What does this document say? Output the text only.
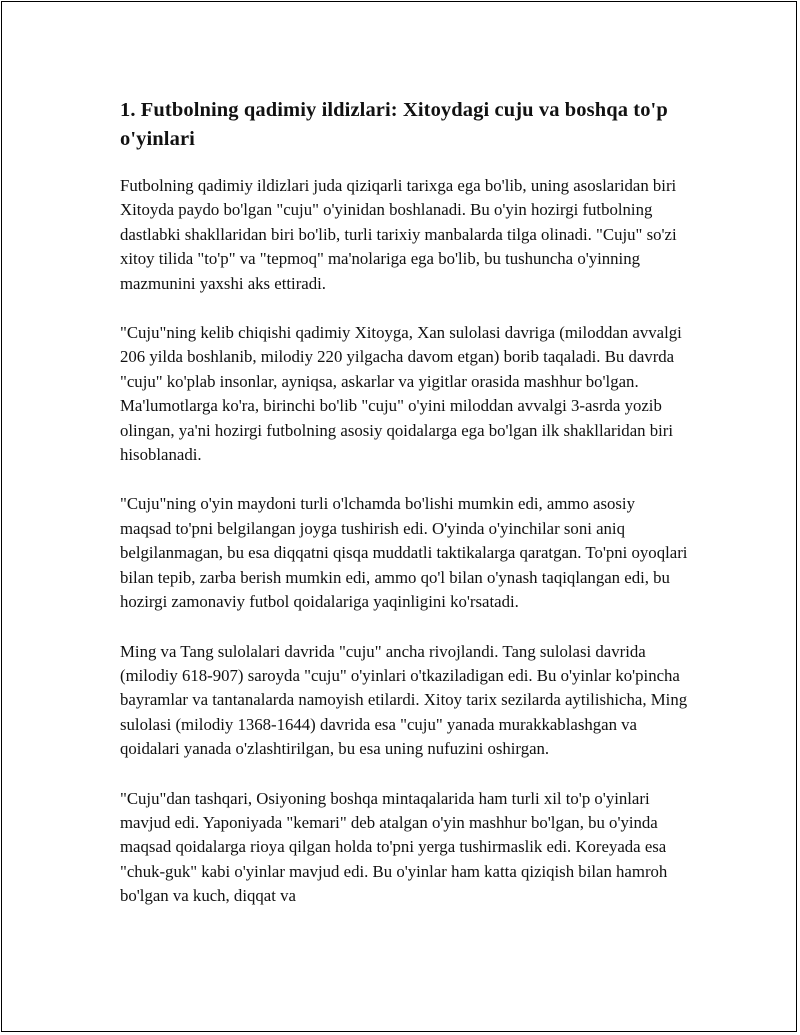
1. Futbolning qadimiy ildizlari: Xitoydagi cuju va boshqa to'p o'yinlari

Futbolning qadimiy ildizlari juda qiziqarli tarixga ega bo'lib, uning asoslaridan biri Xitoyda paydo bo'lgan "cuju" o'yinidan boshlanadi. Bu o'yin hozirgi futbolning dastlabki shakllaridan biri bo'lib, turli tarixiy manbalarda tilga olinadi. "Cuju" so'zi xitoy tilida "to'p" va "tepmoq" ma'nolariga ega bo'lib, bu tushuncha o'yinning mazmunini yaxshi aks ettiradi.

"Cuju"ning kelib chiqishi qadimiy Xitoyga, Xan sulolasi davriga (miloddan avvalgi 206 yilda boshlanib, milodiy 220 yilgacha davom etgan) borib taqaladi. Bu davrda "cuju" ko'plab insonlar, ayniqsa, askarlar va yigitlar orasida mashhur bo'lgan. Ma'lumotlarga ko'ra, birinchi bo'lib "cuju" o'yini miloddan avvalgi 3-asrda yozib olingan, ya'ni hozirgi futbolning asosiy qoidalarga ega bo'lgan ilk shakllaridan biri hisoblanadi.

"Cuju"ning o'yin maydoni turli o'lchamda bo'lishi mumkin edi, ammo asosiy maqsad to'pni belgilangan joyga tushirish edi. O'yinda o'yinchilar soni aniq belgilanmagan, bu esa diqqatni qisqa muddatli taktikalarga qaratgan. To'pni oyoqlari bilan tepib, zarba berish mumkin edi, ammo qo'l bilan o'ynash taqiqlangan edi, bu hozirgi zamonaviy futbol qoidalariga yaqinligini ko'rsatadi.

Ming va Tang sulolalari davrida "cuju" ancha rivojlandi. Tang sulolasi davrida (milodiy 618-907) saroyda "cuju" o'yinlari o'tkaziladigan edi. Bu o'yinlar ko'pincha bayramlar va tantanalarda namoyish etilardi. Xitoy tarix sezilarda aytilishicha, Ming sulolasi (milodiy 1368-1644) davrida esa "cuju" yanada murakkablashgan va qoidalari yanada o'zlashtirilgan, bu esa uning nufuzini oshirgan.

"Cuju"dan tashqari, Osiyoning boshqa mintaqalarida ham turli xil to'p o'yinlari mavjud edi. Yaponiyada "kemari" deb atalgan o'yin mashhur bo'lgan, bu o'yinda maqsad qoidalarga rioya qilgan holda to'pni yerga tushirmaslik edi. Koreyada esa "chuk-guk" kabi o'yinlar mavjud edi. Bu o'yinlar ham katta qiziqish bilan hamroh bo'lgan va kuch, diqqat va
